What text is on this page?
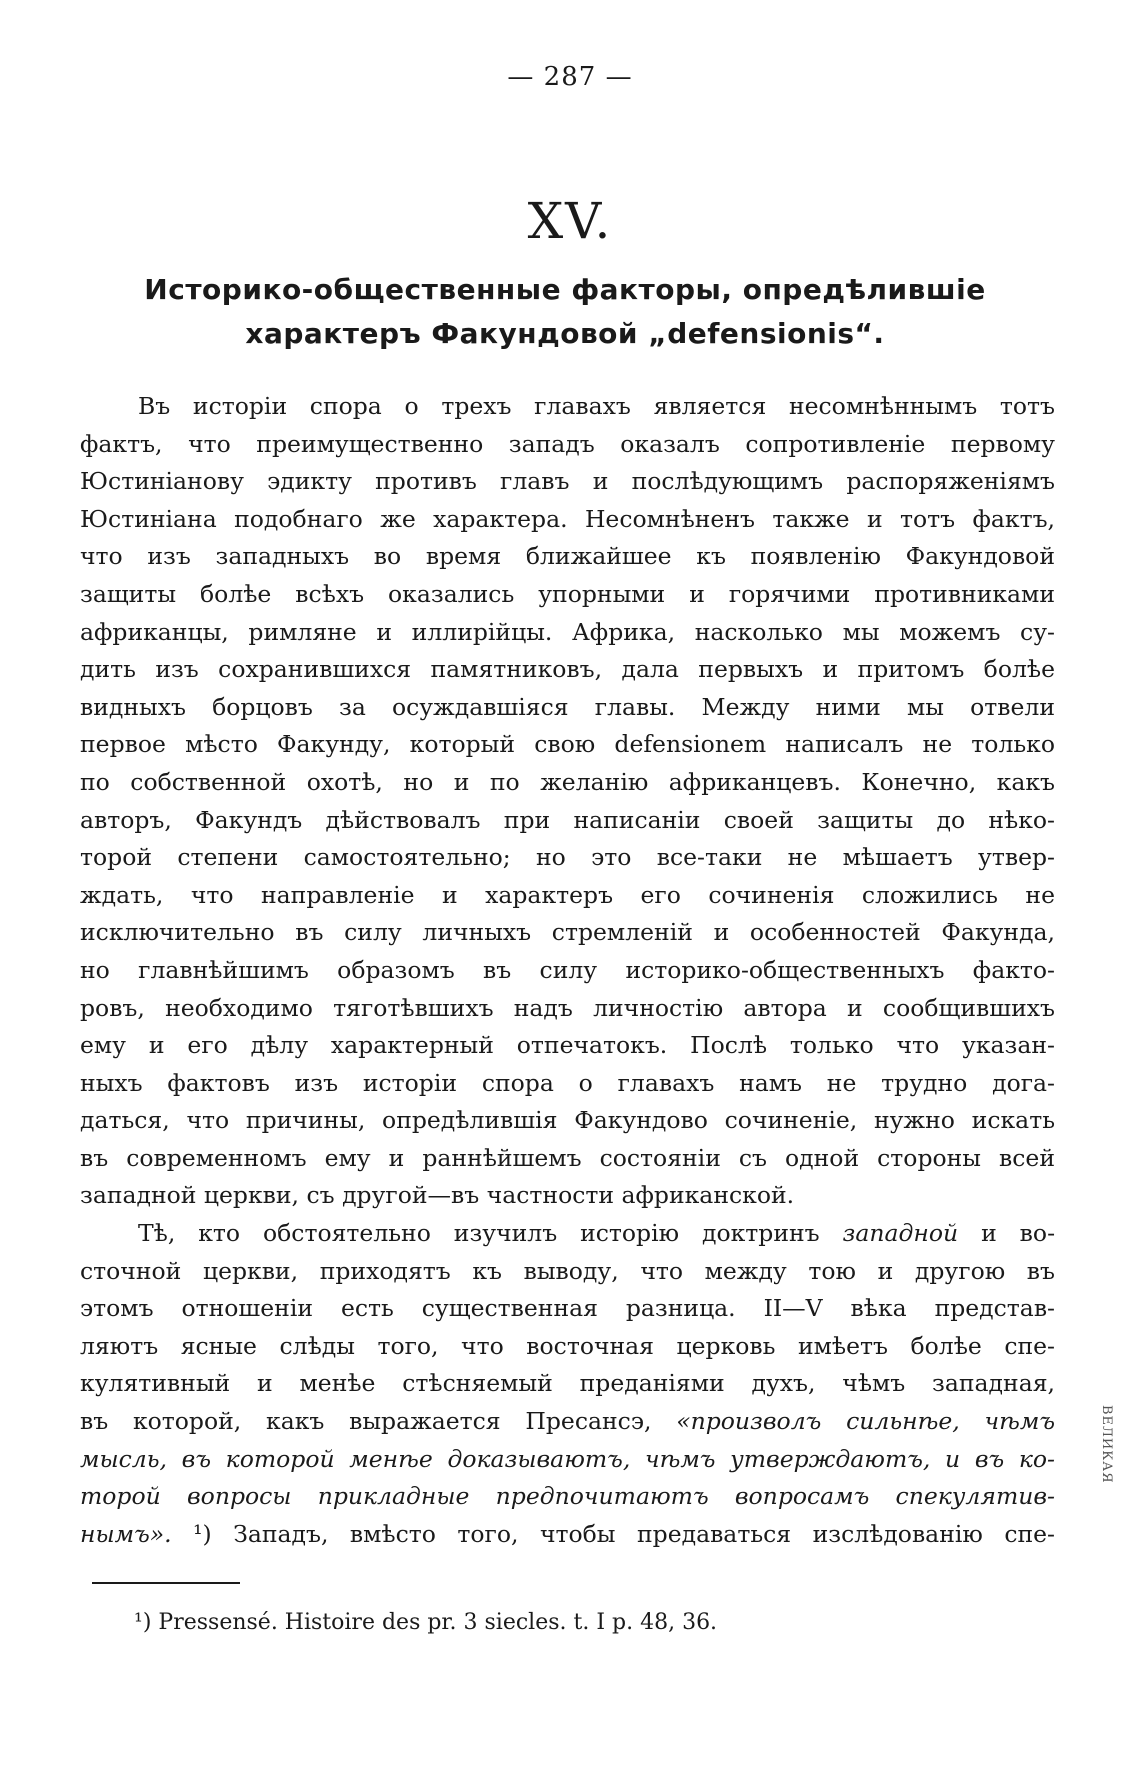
— 287 —
XV.
Историко-общественные факторы, опредѣлившіе характеръ Факундовой „defensionis“.
Въ исторіи спора о трехъ главахъ является несомнѣннымъ тотъ
фактъ, что преимущественно западъ оказалъ сопротивленіе первому
Юстиніанову эдикту противъ главъ и послѣдующимъ распоряженіямъ
Юстиніана подобнаго же характера. Несомнѣненъ также и тотъ фактъ,
что изъ западныхъ во время ближайшее къ появленію Факундовой
защиты болѣе всѣхъ оказались упорными и горячими противниками
африканцы, римляне и иллирійцы. Африка, насколько мы можемъ су-
дить изъ сохранившихся памятниковъ, дала первыхъ и притомъ болѣе
видныхъ борцовъ за осуждавшіяся главы. Между ними мы отвели
первое мѣсто Факунду, который свою defensionem написалъ не только
по собственной охотѣ, но и по желанію африканцевъ. Конечно, какъ
авторъ, Факундъ дѣйствовалъ при написаніи своей защиты до нѣко-
торой степени самостоятельно; но это все-таки не мѣшаетъ утвер-
ждать, что направленіе и характеръ его сочиненія сложились не
исключительно въ силу личныхъ стремленій и особенностей Факунда,
но главнѣйшимъ образомъ въ силу историко-общественныхъ факто-
ровъ, необходимо тяготѣвшихъ надъ личностію автора и сообщившихъ
ему и его дѣлу характерный отпечатокъ. Послѣ только что указан-
ныхъ фактовъ изъ исторіи спора о главахъ намъ не трудно дога-
даться, что причины, опредѣлившія Факундово сочиненіе, нужно искать
въ современномъ ему и раннѣйшемъ состояніи съ одной стороны всей
западной церкви, съ другой—въ частности африканской.
Тѣ, кто обстоятельно изучилъ исторію доктринъ западной и во-
сточной церкви, приходятъ къ выводу, что между тою и другою въ
этомъ отношеніи есть существенная разница. II—V вѣка представ-
ляютъ ясные слѣды того, что восточная церковь имѣетъ болѣе спе-
кулятивный и менѣе стѣсняемый преданіями духъ, чѣмъ западная,
въ которой, какъ выражается Пресансэ, «произволъ сильнѣе, чѣмъ
мысль, въ которой менѣе доказываютъ, чѣмъ утверждаютъ, и въ ко-
торой вопросы прикладные предпочитаютъ вопросамъ спекулятив-
нымъ». ¹) Западъ, вмѣсто того, чтобы предаваться изслѣдованію спе-
¹) Pressensé. Histoire des pr. 3 siecles. t. I p. 48, 36.
ВЕЛИКАЯ
